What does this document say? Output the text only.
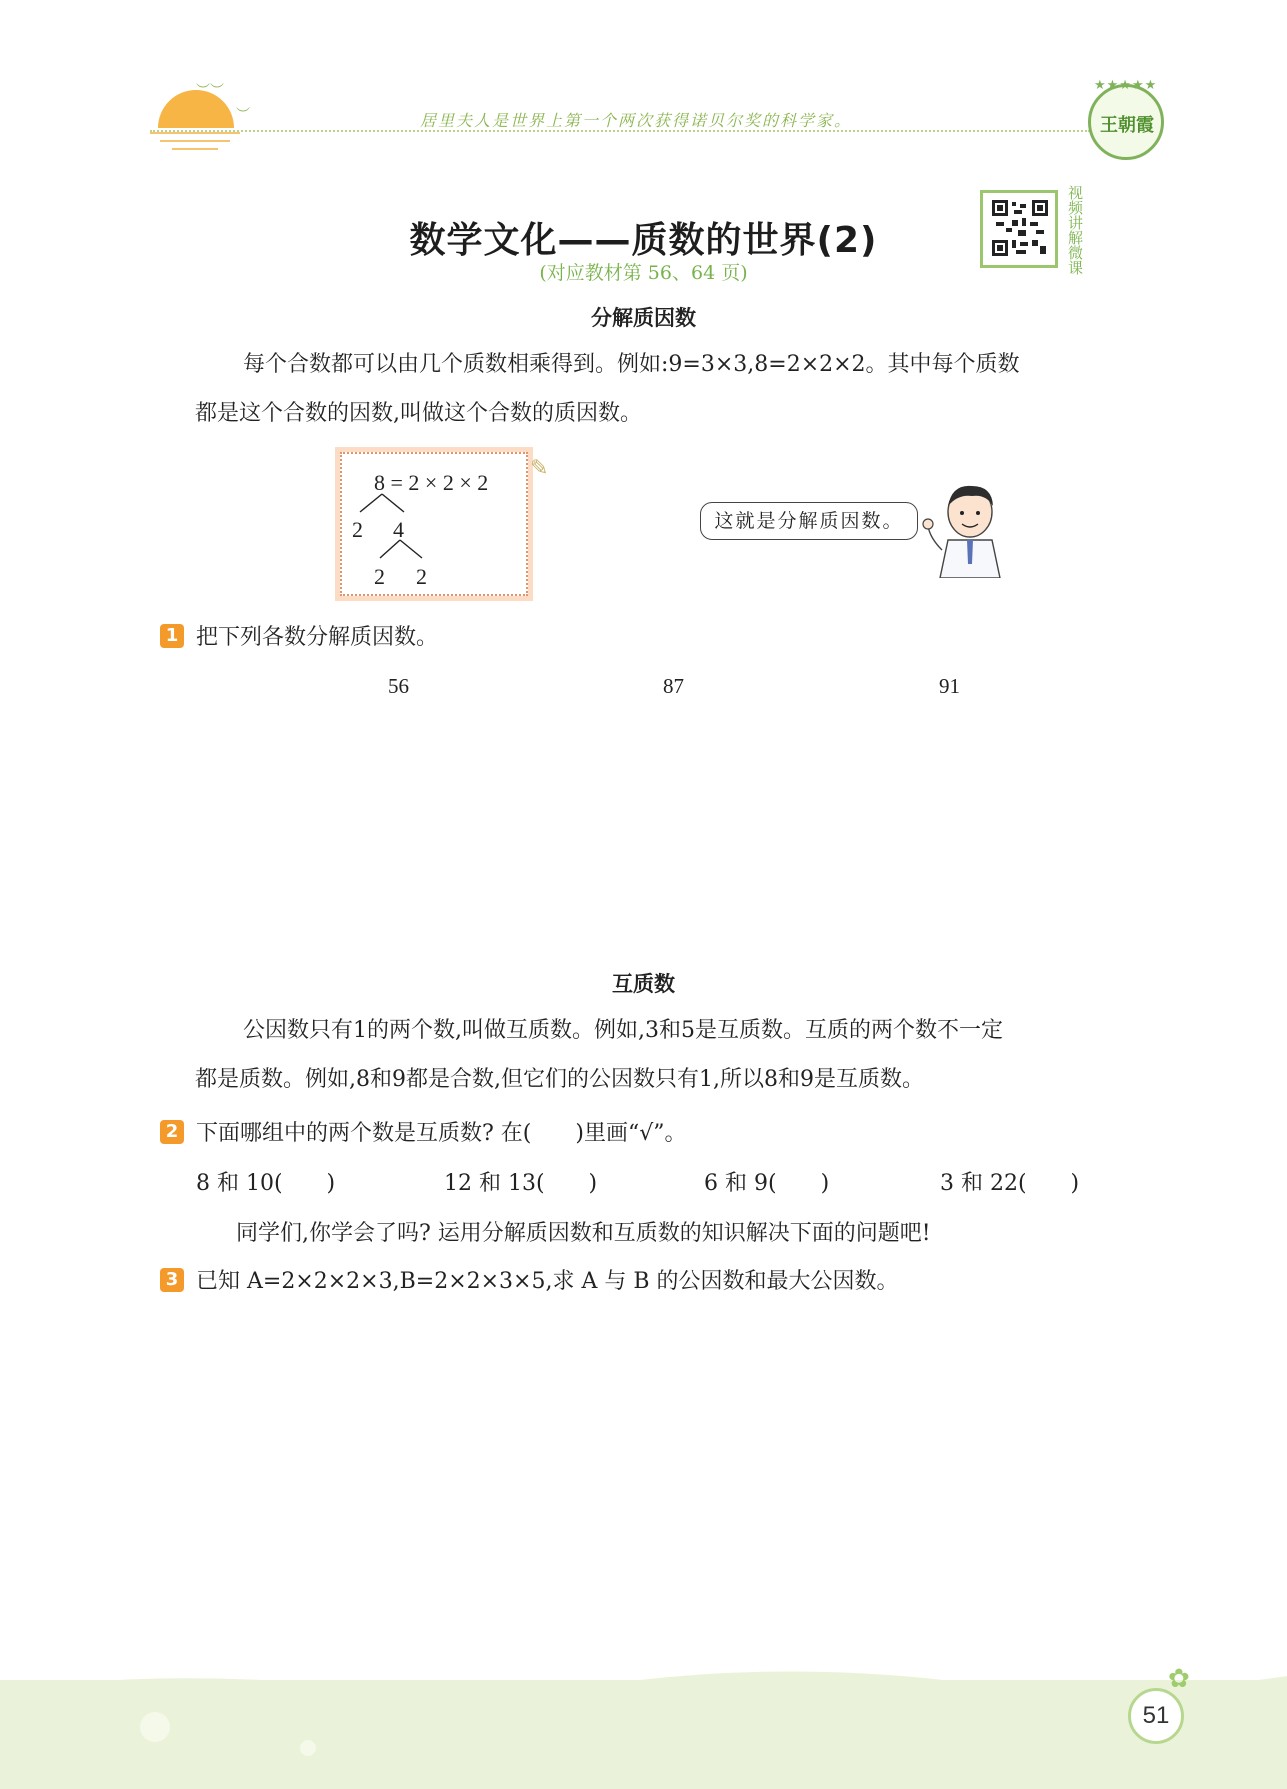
︶︶
︶	居里夫人是世界上第一个两次获得诺贝尔奖的科学家。
★★★★★
王朝霞
数学文化——质数的世界(2)
(对应教材第 56、64 页)
视频讲解微课
分解质因数
每个合数都可以由几个质数相乘得到。例如:9=3×3,8=2×2×2。其中每个质数
都是这个合数的因数,叫做这个合数的质因数。
8 = 2 × 2 × 2
2 4
2 2
✎
这就是分解质因数。
1 把下列各数分解质因数。
56	87	91
互质数
公因数只有1的两个数,叫做互质数。例如,3和5是互质数。互质的两个数不一定
都是质数。例如,8和9都是合数,但它们的公因数只有1,所以8和9是互质数。
2 下面哪组中的两个数是互质数? 在(　　)里画“√”。
8 和 10(　　)	12 和 13(　　)	6 和 9(　　)	3 和 22(　　)
同学们,你学会了吗? 运用分解质因数和互质数的知识解决下面的问题吧!
3 已知 A=2×2×2×3,B=2×2×3×5,求 A 与 B 的公因数和最大公因数。
✿
51
